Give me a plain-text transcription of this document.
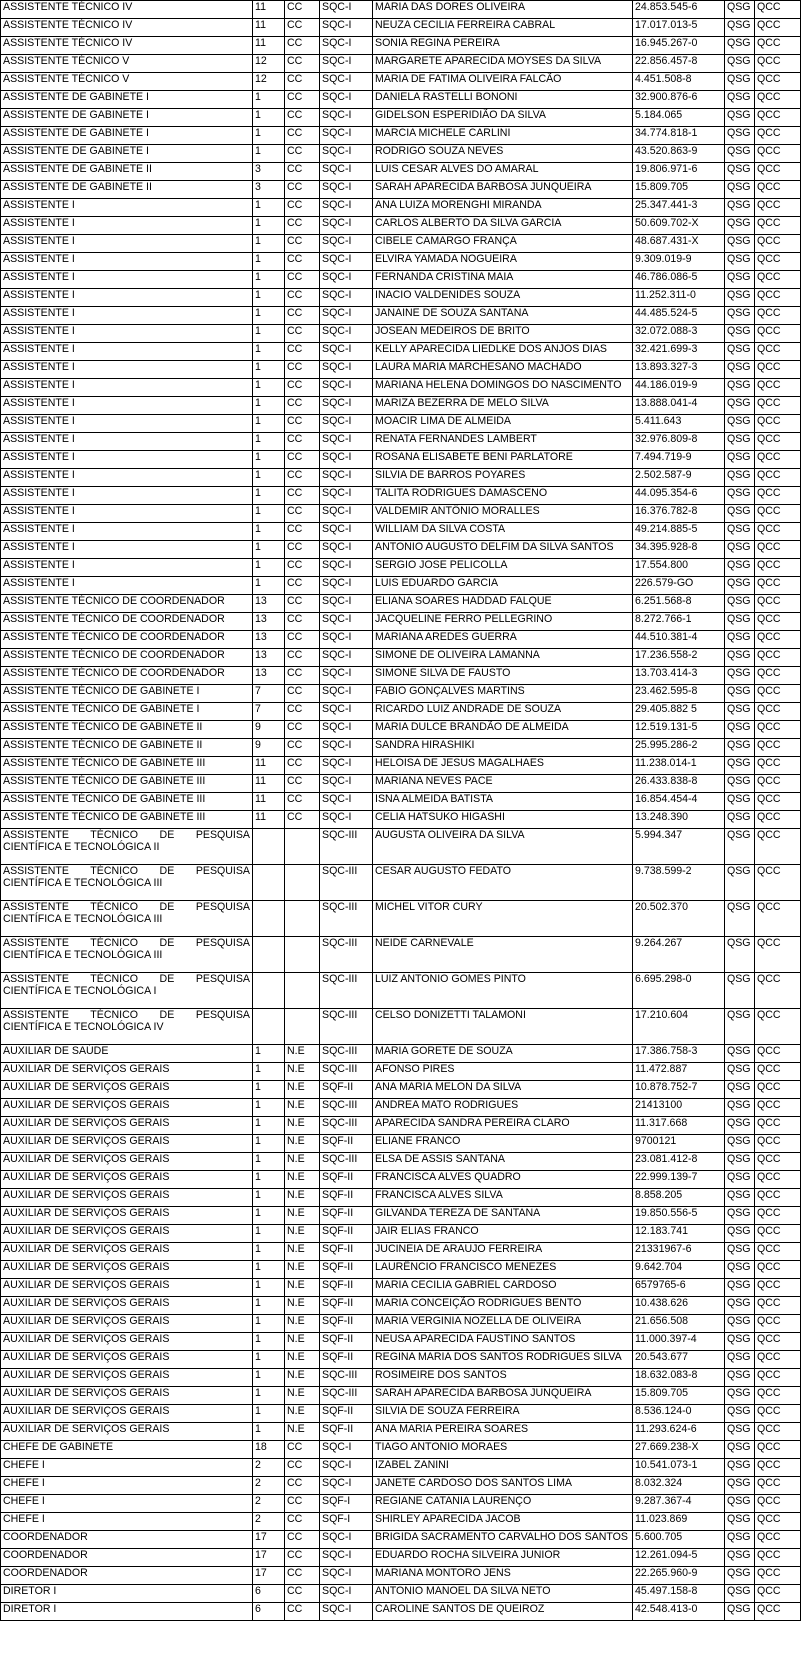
ASSISTENTE TÉCNICO IV	11	CC	SQC-I	MARIA DAS DORES OLIVEIRA	24.853.545-6	QSG	QCC
ASSISTENTE TÉCNICO IV	11	CC	SQC-I	NEUZA CECILIA FERREIRA CABRAL	17.017.013-5	QSG	QCC
ASSISTENTE TÉCNICO IV	11	CC	SQC-I	SONIA REGINA PEREIRA	16.945.267-0	QSG	QCC
ASSISTENTE TÉCNICO V	12	CC	SQC-I	MARGARETE APARECIDA MOYSES DA SILVA	22.856.457-8	QSG	QCC
ASSISTENTE TÉCNICO V	12	CC	SQC-I	MARIA DE FATIMA OLIVEIRA FALCÃO	4.451.508-8	QSG	QCC
ASSISTENTE DE GABINETE I	1	CC	SQC-I	DANIELA RASTELLI BONONI	32.900.876-6	QSG	QCC
ASSISTENTE DE GABINETE I	1	CC	SQC-I	GIDELSON ESPERIDIÃO DA SILVA	5.184.065	QSG	QCC
ASSISTENTE DE GABINETE I	1	CC	SQC-I	MARCIA MICHELE CARLINI	34.774.818-1	QSG	QCC
ASSISTENTE DE GABINETE I	1	CC	SQC-I	RODRIGO SOUZA NEVES	43.520.863-9	QSG	QCC
ASSISTENTE DE GABINETE II	3	CC	SQC-I	LUIS CESAR ALVES DO AMARAL	19.806.971-6	QSG	QCC
ASSISTENTE DE GABINETE II	3	CC	SQC-I	SARAH APARECIDA BARBOSA JUNQUEIRA	15.809.705	QSG	QCC
ASSISTENTE I	1	CC	SQC-I	ANA LUIZA MORENGHI MIRANDA	25.347.441-3	QSG	QCC
ASSISTENTE I	1	CC	SQC-I	CARLOS ALBERTO DA SILVA GARCIA	50.609.702-X	QSG	QCC
ASSISTENTE I	1	CC	SQC-I	CIBELE CAMARGO FRANÇA	48.687.431-X	QSG	QCC
ASSISTENTE I	1	CC	SQC-I	ELVIRA YAMADA NOGUEIRA	9.309.019-9	QSG	QCC
ASSISTENTE I	1	CC	SQC-I	FERNANDA CRISTINA MAIA	46.786.086-5	QSG	QCC
ASSISTENTE I	1	CC	SQC-I	INACIO VALDENIDES SOUZA	11.252.311-0	QSG	QCC
ASSISTENTE I	1	CC	SQC-I	JANAINE DE SOUZA SANTANA	44.485.524-5	QSG	QCC
ASSISTENTE I	1	CC	SQC-I	JOSEAN MEDEIROS DE BRITO	32.072.088-3	QSG	QCC
ASSISTENTE I	1	CC	SQC-I	KELLY APARECIDA LIEDLKE DOS ANJOS DIAS	32.421.699-3	QSG	QCC
ASSISTENTE I	1	CC	SQC-I	LAURA MARIA MARCHESANO MACHADO	13.893.327-3	QSG	QCC
ASSISTENTE I	1	CC	SQC-I	MARIANA HELENA DOMINGOS DO NASCIMENTO	44.186.019-9	QSG	QCC
ASSISTENTE I	1	CC	SQC-I	MARIZA BEZERRA DE MELO SILVA	13.888.041-4	QSG	QCC
ASSISTENTE I	1	CC	SQC-I	MOACIR LIMA DE ALMEIDA	5.411.643	QSG	QCC
ASSISTENTE I	1	CC	SQC-I	RENATA FERNANDES LAMBERT	32.976.809-8	QSG	QCC
ASSISTENTE I	1	CC	SQC-I	ROSANA ELISABETE BENI PARLATORE	7.494.719-9	QSG	QCC
ASSISTENTE I	1	CC	SQC-I	SILVIA DE BARROS POYARES	2.502.587-9	QSG	QCC
ASSISTENTE I	1	CC	SQC-I	TALITA RODRIGUES DAMASCENO	44.095.354-6	QSG	QCC
ASSISTENTE I	1	CC	SQC-I	VALDEMIR ANTÔNIO MORALLES	16.376.782-8	QSG	QCC
ASSISTENTE I	1	CC	SQC-I	WILLIAM DA SILVA COSTA	49.214.885-5	QSG	QCC
ASSISTENTE I	1	CC	SQC-I	ANTONIO AUGUSTO DELFIM DA SILVA SANTOS	34.395.928-8	QSG	QCC
ASSISTENTE I	1	CC	SQC-I	SERGIO JOSE PELICOLLA	17.554.800	QSG	QCC
ASSISTENTE I	1	CC	SQC-I	LUIS EDUARDO GARCIA	226.579-GO	QSG	QCC
ASSISTENTE TÉCNICO DE COORDENADOR	13	CC	SQC-I	ELIANA SOARES HADDAD FALQUE	6.251.568-8	QSG	QCC
ASSISTENTE TÉCNICO DE COORDENADOR	13	CC	SQC-I	JACQUELINE FERRO PELLEGRINO	8.272.766-1	QSG	QCC
ASSISTENTE TÉCNICO DE COORDENADOR	13	CC	SQC-I	MARIANA AREDES GUERRA	44.510.381-4	QSG	QCC
ASSISTENTE TÉCNICO DE COORDENADOR	13	CC	SQC-I	SIMONE DE OLIVEIRA LAMANNA	17.236.558-2	QSG	QCC
ASSISTENTE TÉCNICO DE COORDENADOR	13	CC	SQC-I	SIMONE SILVA DE FAUSTO	13.703.414-3	QSG	QCC
ASSISTENTE TÉCNICO DE GABINETE I	7	CC	SQC-I	FABIO GONÇALVES MARTINS	23.462.595-8	QSG	QCC
ASSISTENTE TÉCNICO DE GABINETE I	7	CC	SQC-I	RICARDO LUIZ ANDRADE DE SOUZA	29.405.882 5	QSG	QCC
ASSISTENTE TÉCNICO DE GABINETE II	9	CC	SQC-I	MARIA DULCE BRANDÃO DE ALMEIDA	12.519.131-5	QSG	QCC
ASSISTENTE TÉCNICO DE GABINETE II	9	CC	SQC-I	SANDRA HIRASHIKI	25.995.286-2	QSG	QCC
ASSISTENTE TÉCNICO DE GABINETE III	11	CC	SQC-I	HELOISA DE JESUS MAGALHAES	11.238.014-1	QSG	QCC
ASSISTENTE TÉCNICO DE GABINETE III	11	CC	SQC-I	MARIANA NEVES PACE	26.433.838-8	QSG	QCC
ASSISTENTE TÉCNICO DE GABINETE III	11	CC	SQC-I	ISNA ALMEIDA BATISTA	16.854.454-4	QSG	QCC
ASSISTENTE TÉCNICO DE GABINETE III	11	CC	SQC-I	CELIA HATSUKO HIGASHI	13.248.390	QSG	QCC
ASSISTENTE TÉCNICO DE PESQUISA CIENTÍFICA E TECNOLÓGICA II			SQC-III	AUGUSTA OLIVEIRA DA SILVA	5.994.347	QSG	QCC
ASSISTENTE TÉCNICO DE PESQUISA CIENTÍFICA E TECNOLÓGICA III			SQC-III	CESAR AUGUSTO FEDATO	9.738.599-2	QSG	QCC
ASSISTENTE TÉCNICO DE PESQUISA CIENTÍFICA E TECNOLÓGICA III			SQC-III	MICHEL VITOR CURY	20.502.370	QSG	QCC
ASSISTENTE TÉCNICO DE PESQUISA CIENTÍFICA E TECNOLÓGICA III			SQC-III	NEIDE CARNEVALE	9.264.267	QSG	QCC
ASSISTENTE TÉCNICO DE PESQUISA CIENTÍFICA E TECNOLÓGICA I			SQC-III	LUIZ ANTONIO GOMES PINTO	6.695.298-0	QSG	QCC
ASSISTENTE TÉCNICO DE PESQUISA CIENTÍFICA E TECNOLÓGICA IV			SQC-III	CELSO DONIZETTI TALAMONI	17.210.604	QSG	QCC
AUXILIAR DE SAÚDE	1	N.E	SQC-III	MARIA GORETE DE SOUZA	17.386.758-3	QSG	QCC
AUXILIAR DE SERVIÇOS GERAIS	1	N.E	SQC-III	AFONSO PIRES	11.472.887	QSG	QCC
AUXILIAR DE SERVIÇOS GERAIS	1	N.E	SQF-II	ANA MARIA MELON DA SILVA	10.878.752-7	QSG	QCC
AUXILIAR DE SERVIÇOS GERAIS	1	N.E	SQC-III	ANDREA MATO RODRIGUES	21413100	QSG	QCC
AUXILIAR DE SERVIÇOS GERAIS	1	N.E	SQC-III	APARECIDA SANDRA PEREIRA CLARO	11.317.668	QSG	QCC
AUXILIAR DE SERVIÇOS GERAIS	1	N.E	SQF-II	ELIANE FRANCO	9700121	QSG	QCC
AUXILIAR DE SERVIÇOS GERAIS	1	N.E	SQC-III	ELSA DE ASSIS SANTANA	23.081.412-8	QSG	QCC
AUXILIAR DE SERVIÇOS GERAIS	1	N.E	SQF-II	FRANCISCA ALVES QUADRO	22.999.139-7	QSG	QCC
AUXILIAR DE SERVIÇOS GERAIS	1	N.E	SQF-II	FRANCISCA ALVES SILVA	8.858.205	QSG	QCC
AUXILIAR DE SERVIÇOS GERAIS	1	N.E	SQF-II	GILVANDA TEREZA DE SANTANA	19.850.556-5	QSG	QCC
AUXILIAR DE SERVIÇOS GERAIS	1	N.E	SQF-II	JAIR ELIAS FRANCO	12.183.741	QSG	QCC
AUXILIAR DE SERVIÇOS GERAIS	1	N.E	SQF-II	JUCINEIA DE ARAUJO FERREIRA	21331967-6	QSG	QCC
AUXILIAR DE SERVIÇOS GERAIS	1	N.E	SQF-II	LAURÊNCIO FRANCISCO MENEZES	9.642.704	QSG	QCC
AUXILIAR DE SERVIÇOS GERAIS	1	N.E	SQF-II	MARIA CECILIA GABRIEL CARDOSO	6579765-6	QSG	QCC
AUXILIAR DE SERVIÇOS GERAIS	1	N.E	SQF-II	MARIA CONCEIÇÃO RODRIGUES BENTO	10.438.626	QSG	QCC
AUXILIAR DE SERVIÇOS GERAIS	1	N.E	SQF-II	MARIA VERGINIA NOZELLA DE OLIVEIRA	21.656.508	QSG	QCC
AUXILIAR DE SERVIÇOS GERAIS	1	N.E	SQF-II	NEUSA APARECIDA FAUSTINO SANTOS	11.000.397-4	QSG	QCC
AUXILIAR DE SERVIÇOS GERAIS	1	N.E	SQF-II	REGINA MARIA DOS SANTOS RODRIGUES SILVA	20.543.677	QSG	QCC
AUXILIAR DE SERVIÇOS GERAIS	1	N.E	SQC-III	ROSIMEIRE DOS SANTOS	18.632.083-8	QSG	QCC
AUXILIAR DE SERVIÇOS GERAIS	1	N.E	SQC-III	SARAH APARECIDA BARBOSA JUNQUEIRA	15.809.705	QSG	QCC
AUXILIAR DE SERVIÇOS GERAIS	1	N.E	SQF-II	SILVIA DE SOUZA FERREIRA	8.536.124-0	QSG	QCC
AUXILIAR DE SERVIÇOS GERAIS	1	N.E	SQF-II	ANA MARIA PEREIRA SOARES	11.293.624-6	QSG	QCC
CHEFE DE GABINETE	18	CC	SQC-I	TIAGO ANTONIO MORAES	27.669.238-X	QSG	QCC
CHEFE I	2	CC	SQC-I	IZABEL ZANINI	10.541.073-1	QSG	QCC
CHEFE I	2	CC	SQC-I	JANETE CARDOSO DOS SANTOS LIMA	8.032.324	QSG	QCC
CHEFE I	2	CC	SQF-I	REGIANE CATANIA LAURENÇO	9.287.367-4	QSG	QCC
CHEFE I	2	CC	SQF-I	SHIRLEY APARECIDA JACOB	11.023.869	QSG	QCC
COORDENADOR	17	CC	SQC-I	BRIGIDA SACRAMENTO CARVALHO DOS SANTOS	5.600.705	QSG	QCC
COORDENADOR	17	CC	SQC-I	EDUARDO ROCHA SILVEIRA JUNIOR	12.261.094-5	QSG	QCC
COORDENADOR	17	CC	SQC-I	MARIANA MONTORO JENS	22.265.960-9	QSG	QCC
DIRETOR I	6	CC	SQC-I	ANTONIO MANOEL DA SILVA NETO	45.497.158-8	QSG	QCC
DIRETOR I	6	CC	SQC-I	CAROLINE SANTOS DE QUEIROZ	42.548.413-0	QSG	QCC
